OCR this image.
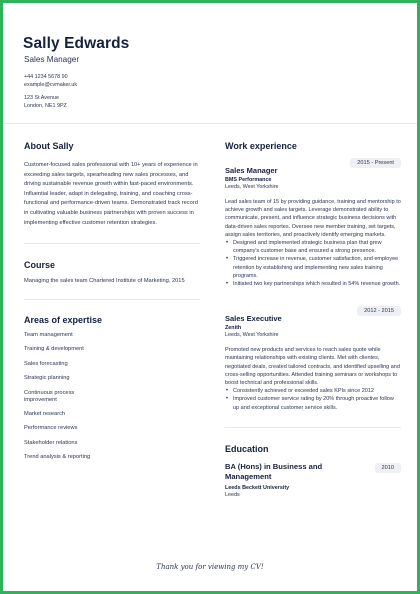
Sally Edwards
Sales Manager
+44 1234 5678 90
example@cvmaker.uk
123 St Avenue
London, NE1 9PZ
About Sally
Customer-focused sales professional with 10+ years of experience in exceeding sales targets, spearheading new sales processes, and driving sustainable revenue growth within fast-paced environments. Influential leader, adapt in delegating, training, and coaching cross-functional and performance-driven teams. Demonstrated track record in cultivating valuable business partnerships with proven success in implementing effective customer retention strategies.
Course
Managing the sales team Chartered Institute of Marketing, 2015
Areas of expertise
Team management
Training & development
Sales forecasting
Strategic planning
Continuous process improvement
Market research
Performance reviews
Stakeholder relations
Trend analysis & reporting
Work experience
Sales Manager
2015 - Present
BMS Performance
Leeds, West Yorkshire
Lead sales team of 15 by providing guidance, training and mentorship to achieve growth and sales targets. Leverage demonstrated ability to communicate, present, and influence strategic business decisions with data-driven sales reportes. Oversee new member training, set targets, assign sales territories, and proactively identify emerging markets.
• Designed and implemented strategic business plan that grew company's customer base and ensured a strong presence.
• Triggered increase in revenue, customer satisfaction, and employee retention by establishing and implementing new sales training programs.
• Initiated two key partnerships which resulted in 54% revenue growth.
Sales Executive
2012 - 2015
Zenith
Leeds, West Yorkshire
Promoted new products and services to reach sales quote while maintaining relationships with existing clients. Met with clientes, negotiated deals, created tailored contracts, and identified upselling and cross-selling opportunities. Attended training seminars or workshops to boost technical and professional skills.
• Consistently achieved or exceeded sales KPIs since 2012
• Improved customer service rating by 20% through proactive follow up and exceptional customer service skills.
Education
BA (Hons) in Business and Management
2010
Leeds Beckett University
Leeds
Thank you for viewing my CV!
